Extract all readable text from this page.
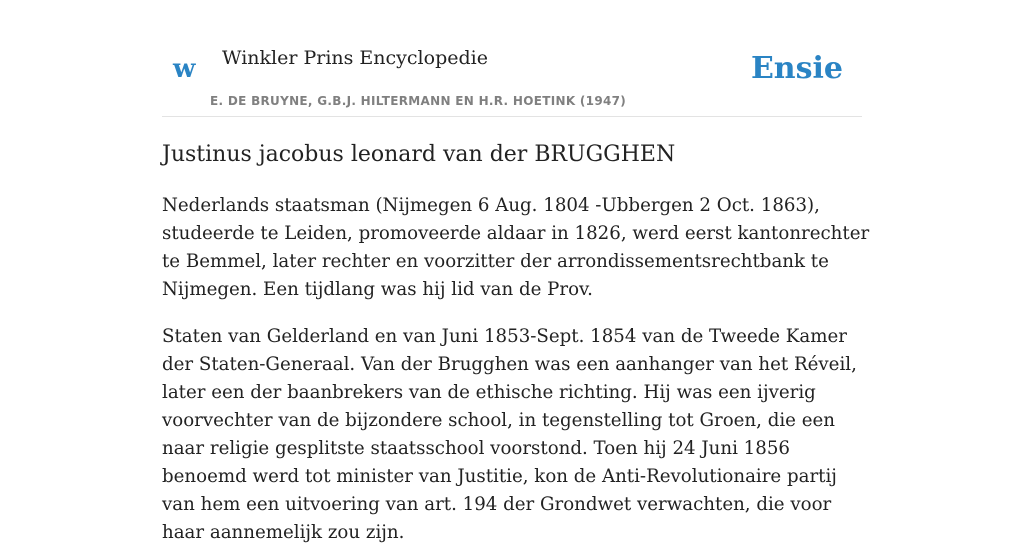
w Winkler Prins Encyclopedie
E. DE BRUYNE, G.B.J. HILTERMANN EN H.R. HOETINK (1947)
Ensie
Justinus jacobus leonard van der BRUGGHEN

Nederlands staatsman (Nijmegen 6 Aug. 1804 -Ubbergen 2 Oct. 1863), studeerde te Leiden, promoveerde aldaar in 1826, werd eerst kantonrechter te Bemmel, later rechter en voorzitter der arrondissementsrechtbank te Nijmegen. Een tijdlang was hij lid van de Prov.

Staten van Gelderland en van Juni 1853-Sept. 1854 van de Tweede Kamer der Staten-Generaal. Van der Brugghen was een aanhanger van het Réveil, later een der baanbrekers van de ethische richting. Hij was een ijverig voorvechter van de bijzondere school, in tegenstelling tot Groen, die een naar religie gesplitste staatsschool voorstond. Toen hij 24 Juni 1856 benoemd werd tot minister van Justitie, kon de Anti-Revolutionaire partij van hem een uitvoering van art. 194 der Grondwet verwachten, die voor haar aannemelijk zou zijn.
